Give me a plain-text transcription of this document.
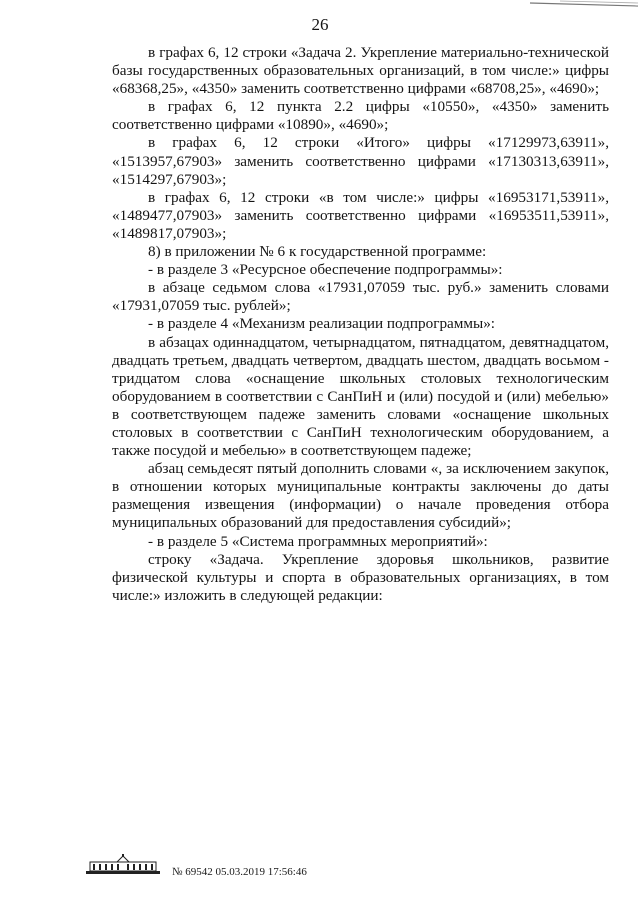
26

в графах 6, 12 строки «Задача 2. Укрепление материально-технической базы государственных образовательных организаций, в том числе:» цифры «68368,25», «4350» заменить соответственно цифрами «68708,25», «4690»;

в графах 6, 12 пункта 2.2 цифры «10550», «4350» заменить соответственно цифрами «10890», «4690»;

в графах 6, 12 строки «Итого» цифры «17129973,63911», «1513957,67903» заменить соответственно цифрами «17130313,63911», «1514297,67903»;

в графах 6, 12 строки «в том числе:» цифры «16953171,53911», «1489477,07903» заменить соответственно цифрами «16953511,53911», «1489817,07903»;

8) в приложении № 6 к государственной программе:

- в разделе 3 «Ресурсное обеспечение подпрограммы»:

в абзаце седьмом слова «17931,07059 тыс. руб.» заменить словами «17931,07059 тыс. рублей»;

- в разделе 4 «Механизм реализации подпрограммы»:

в абзацах одиннадцатом, четырнадцатом, пятнадцатом, девятнадцатом, двадцать третьем, двадцать четвертом, двадцать шестом, двадцать восьмом - тридцатом слова «оснащение школьных столовых технологическим оборудованием в соответствии с СанПиН и (или) посудой и (или) мебелью» в соответствующем падеже заменить словами «оснащение школьных столовых в соответствии с СанПиН технологическим оборудованием, а также посудой и мебелью» в соответствующем падеже;

абзац семьдесят пятый дополнить словами «, за исключением закупок, в отношении которых муниципальные контракты заключены до даты размещения извещения (информации) о начале проведения отбора муниципальных образований для предоставления субсидий»;

- в разделе 5 «Система программных мероприятий»:

строку «Задача. Укрепление здоровья школьников, развитие физической культуры и спорта в образовательных организациях, в том числе:» изложить в следующей редакции:

№ 69542 05.03.2019 17:56:46
